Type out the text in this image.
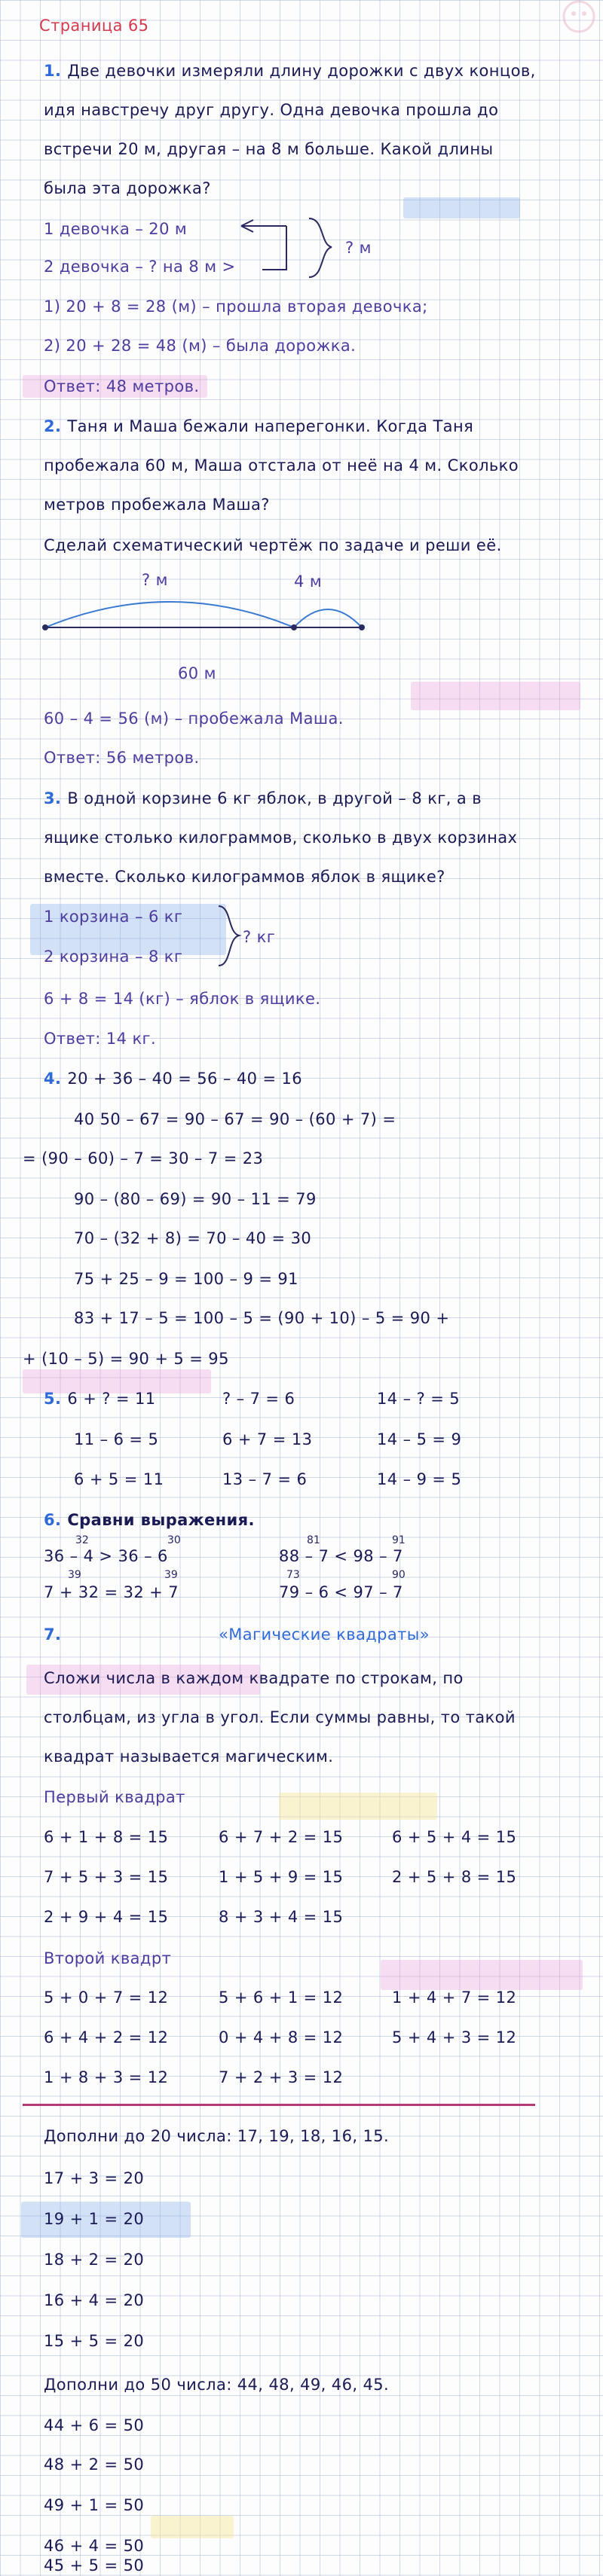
Страница 65
1. Две девочки измеряли длину дорожки с двух концов,
идя навстречу друг другу. Одна девочка прошла до
встречи 20 м, другая – на 8 м больше. Какой длины
была эта дорожка?
1 девочка – 20 м
2 девочка – ? на 8 м >
? м
1) 20 + 8 = 28 (м) – прошла вторая девочка;
2) 20 + 28 = 48 (м) – была дорожка.
Ответ: 48 метров.
2. Таня и Маша бежали наперегонки. Когда Таня
пробежала 60 м, Маша отстала от неё на 4 м. Сколько
метров пробежала Маша?
Сделай схематический чертёж по задаче и реши её.
? м	4 м
60 м
60 – 4 = 56 (м) – пробежала Маша.
Ответ: 56 метров.
3. В одной корзине 6 кг яблок, в другой – 8 кг, а в
ящике столько килограммов, сколько в двух корзинах
вместе. Сколько килограммов яблок в ящике?
1 корзина – 6 кг
2 корзина – 8 кг
? кг
6 + 8 = 14 (кг) – яблок в ящике.
Ответ: 14 кг.
4. 20 + 36 – 40 = 56 – 40 = 16
40 50 – 67 = 90 – 67 = 90 – (60 + 7) =
= (90 – 60) – 7 = 30 – 7 = 23
90 – (80 – 69) = 90 – 11 = 79
70 – (32 + 8) = 70 – 40 = 30
75 + 25 – 9 = 100 – 9 = 91
83 + 17 – 5 = 100 – 5 = (90 + 10) – 5 = 90 +
+ (10 – 5) = 90 + 5 = 95
5. 6 + ? = 11	? – 7 = 6	14 – ? = 5
11 – 6 = 5	6 + 7 = 13	14 – 5 = 9
6 + 5 = 11	13 – 7 = 6	14 – 9 = 5
6. Сравни выражения.
32	30	81	91
36 – 4 > 36 – 6	88 – 7 < 98 – 7
39	39	73	90
7 + 32 = 32 + 7	79 – 6 < 97 – 7
7.	«Магические квадраты»
Сложи числа в каждом квадрате по строкам, по
столбцам, из угла в угол. Если суммы равны, то такой
квадрат называется магическим.
Первый квадрат
6 + 1 + 8 = 15	6 + 7 + 2 = 15	6 + 5 + 4 = 15
7 + 5 + 3 = 15	1 + 5 + 9 = 15	2 + 5 + 8 = 15
2 + 9 + 4 = 15	8 + 3 + 4 = 15
Второй квадрт
5 + 0 + 7 = 12	5 + 6 + 1 = 12	1 + 4 + 7 = 12
6 + 4 + 2 = 12	0 + 4 + 8 = 12	5 + 4 + 3 = 12
1 + 8 + 3 = 12	7 + 2 + 3 = 12
Дополни до 20 числа: 17, 19, 18, 16, 15.
17 + 3 = 20
19 + 1 = 20
18 + 2 = 20
16 + 4 = 20
15 + 5 = 20
Дополни до 50 числа: 44, 48, 49, 46, 45.
44 + 6 = 50
48 + 2 = 50
49 + 1 = 50
46 + 4 = 50
45 + 5 = 50
